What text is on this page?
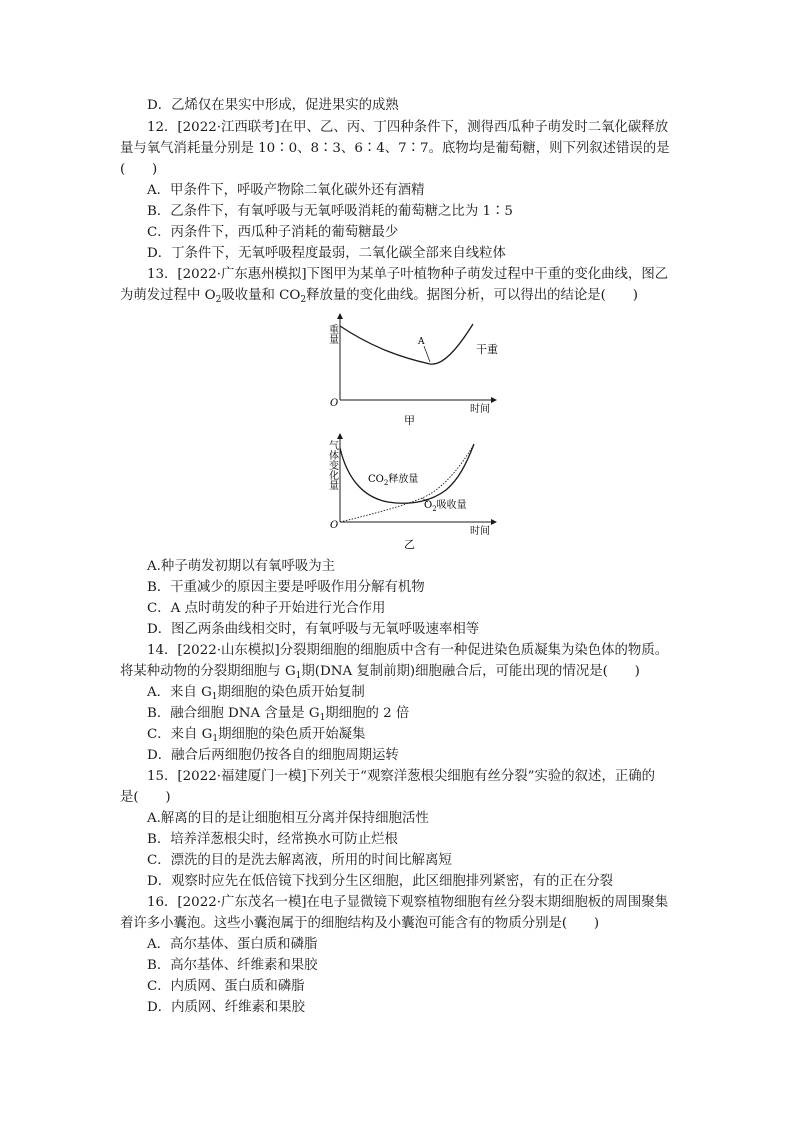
D．乙烯仅在果实中形成，促进果实的成熟
12．[2022·江西联考]在甲、乙、丙、丁四种条件下，测得西瓜种子萌发时二氧化碳释放
量与氧气消耗量分别是 10∶0、8∶3、6∶4、7∶7。底物均是葡萄糖，则下列叙述错误的是
(　　)
A．甲条件下，呼吸产物除二氧化碳外还有酒精
B．乙条件下，有氧呼吸与无氧呼吸消耗的葡萄糖之比为 1∶5
C．丙条件下，西瓜种子消耗的葡萄糖最少
D．丁条件下，无氧呼吸程度最弱，二氧化碳全部来自线粒体
13．[2022·广东惠州模拟]下图甲为某单子叶植物种子萌发过程中干重的变化曲线，图乙
为萌发过程中 $O_2$吸收量和 $CO_2$释放量的变化曲线。据图分析，可以得出的结论是(　　)
A
干重
重量
O
时间
甲
$CO_2$释放量
$O_2$吸收量
气体变化量
O
时间
乙
A.种子萌发初期以有氧呼吸为主
B．干重减少的原因主要是呼吸作用分解有机物
C．A 点时萌发的种子开始进行光合作用
D．图乙两条曲线相交时，有氧呼吸与无氧呼吸速率相等
14．[2022·山东模拟]分裂期细胞的细胞质中含有一种促进染色质凝集为染色体的物质。
将某种动物的分裂期细胞与 $G_1$期(DNA 复制前期)细胞融合后，可能出现的情况是(　　)
A．来自 $G_1$期细胞的染色质开始复制
B．融合细胞 DNA 含量是 $G_1$期细胞的 2 倍
C．来自 $G_1$期细胞的染色质开始凝集
D．融合后两细胞仍按各自的细胞周期运转
15．[2022·福建厦门一模]下列关于“观察洋葱根尖细胞有丝分裂”实验的叙述，正确的
是(　　)
A.解离的目的是让细胞相互分离并保持细胞活性
B．培养洋葱根尖时，经常换水可防止烂根
C．漂洗的目的是洗去解离液，所用的时间比解离短
D．观察时应先在低倍镜下找到分生区细胞，此区细胞排列紧密，有的正在分裂
16．[2022·广东茂名一模]在电子显微镜下观察植物细胞有丝分裂末期细胞板的周围聚集
着许多小囊泡。这些小囊泡属于的细胞结构及小囊泡可能含有的物质分别是(　　)
A．高尔基体、蛋白质和磷脂
B．高尔基体、纤维素和果胶
C．内质网、蛋白质和磷脂
D．内质网、纤维素和果胶
